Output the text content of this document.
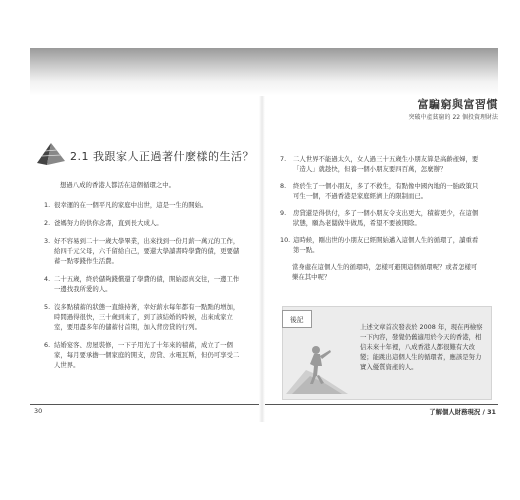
富騙窮與富習慣
突破中產貧窮的 22 個投資理財法
2.1 我跟家人正過著什麼樣的生活？

想過八成的香港人都活在這個循環之中。

1. 很幸運的在一個平凡的家庭中出世，這是一生的開始。

2. 爸媽努力的供你念書，直到長大成人。

3. 好不容易到二十一歲大學畢業，出來找到一份月薪一萬元的工作，給四千元父母，六千留給自己，要還大學讀書時學費的債，更要儲蓄一點零錢作生活費。

4. 二十五歲，終於儲夠錢償還了學費的債，開始認真交往，一邊工作一邊找我所愛的人。

5. 沒多點積蓄的狀態一直維持著，幸好薪水每年都有一點點的增加，時間過得很快，三十歲到來了，到了該結婚的時候，出來成家立室，要用盡多年的儲蓄付首期，加入背房貸的行列。

6. 結婚宴客、房屋裝修，一下子用光了十年來的積蓄，成立了一個家，每月要承擔一個家庭的開支，房貸、水電瓦斯，但仍可享受二人世界。

7.	二人世界不能過太久，女人過三十五歲生小朋友算是高齡產婦，要「造人」就趁快，但養一個小朋友要四百萬，怎麼辦？

8.	終於生了一個小朋友，多了不救生，有點像中國內地的一胎政策只可生一個，不過香港是家庭經濟上的限制而已。

9.	房貸還是得供付，多了一個小朋友令支出更大，積蓄更少，在這個狀態，願為老闆做牛做馬，希望不要被開除。

10. 這時候，剛出世的小朋友已經開始邁入這個人生的循環了，讀重看第一點。

當身處在這個人生的循環時，怎樣可避開這個循環呢？或者怎樣可樂在其中呢？

後記
上述文章首次發表於 2008 年，現在再檢察一下內容，發覺仍舊適用於今天的香港，相信未來十年裡，八成香港人都很難有大改變；能跳出這個人生的循環者，應該是努力實入優質資產的人。
30	了解個人財務現況 / 31
